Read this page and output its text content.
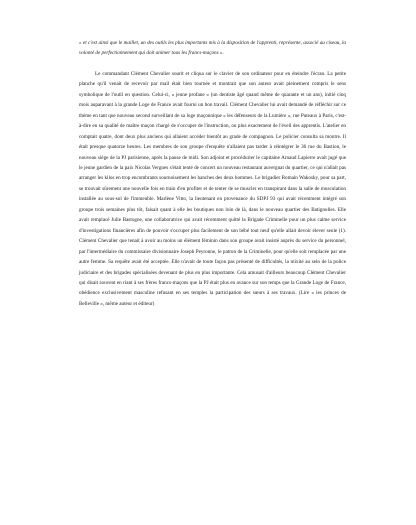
« et c'est ainsi que le maillet, un des outils les plus importants mis à la disposition de l'apprenti, représente, associé au ciseau, la volonté de perfectionnement qui doit animer tous les francs-maçons ».

Le commandant Clément Chevalier sourit et cliqua sur le clavier de son ordinateur pour en éteindre l'écran. La petite planche qu'il venait de recevoir par mail était bien tournée et montrait que son auteur avait pleinement compris le sens symbolique de l'outil en question. Celui-ci, « jeune profane » (un dentiste âgé quand même de quarante et un ans), initié cinq mois auparavant à la grande Loge de France avait fourni un bon travail. Clément Chevalier lui avait demandé de réfléchir sur ce thème en tant que nouveau second surveillant de sa loge maçonnique « les défenseurs de la Lumière », rue Puteaux à Paris, c'est-à-dire en sa qualité de maître maçon chargé de s'occuper de l'instruction, ou plus exactement de l'éveil des apprentis. L'atelier en comptait quatre, dont deux plus anciens qui allaient accéder bientôt au grade de compagnon. Le policier consulta sa montre. Il était presque quatorze heures. Les membres de son groupe d'enquête n'allaient pas tarder à réintégrer le 36 rue du Bastion, le nouveau siège de la PJ parisienne, après la pause de midi. Son adjoint et procédurier le capitaine Arnaud Lapierre avait jugé que le jeune gardien de la paix Nicolas Vergnes s'était tenté de concert un nouveau restaurant auvergnat du quartier, ce qui n'allait pas arranger les kilos en trop encombrants sournoisement les hanches des deux hommes. Le brigadier Romain Wakosky, pour sa part, se trouvait sûrement une nouvelle fois en train d'en profiter et de tenter de se muscler en transpirant dans la salle de musculation installée au sous-sol de l'immeuble. Marlène Vitto, la lieutenant en provenance du SDPJ 93 qui avait récemment intégré son groupe trois semaines plus tôt, faisait quant à elle les boutiques non loin de là, dans le nouveau quartier des Batignolles. Elle avait remplacé Julie Bastogne, une collaboratrice qui avait récemment quitté la Brigade Criminelle pour un plus calme service d'investigations financières afin de pouvoir s'occuper plus facilement de son bébé tout neuf qu'elle allait devoir élever seule (1). Clément Chevalier que tenait à avoir au moins un élément féminin dans son groupe avait insisté auprès du service du personnel, par l'intermédiaire du commissaire divisionnaire Joseph Peyronne, le patron de la Criminelle, pour qu'elle soit remplacée par une autre femme. Sa requête avait été acceptée. Elle n'avait de toute façon pas présenté de difficultés, la mixité au sein de la police judiciaire et des brigades spécialisées devenant de plus en plus importante. Cela amusait d'ailleurs beaucoup Clément Chevalier qui disait souvent en riant à ses frères francs-maçons que la PJ était plus en avance sur son temps que la Grande Loge de France, obédience exclusivement masculine refusant en ses temples la participation des sœurs à ses travaux. (Lire « les princes de Belleville », même auteur et éditeur)
